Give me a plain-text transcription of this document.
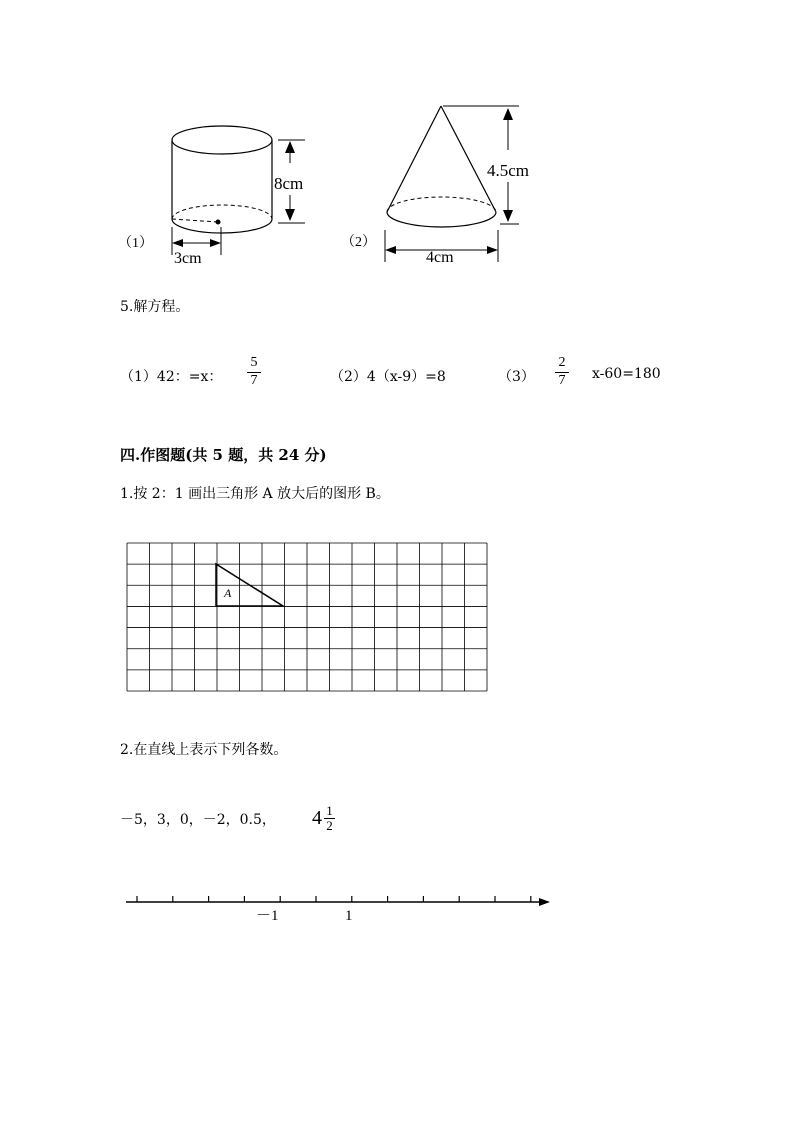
8cm
3cm
（1）
4.5cm
4cm
（2）
5.解方程。
（1）42：=x：
5
7	（2）4（x-9）=8	（3）
2
7 x-60=180
四.作图题(共 5 题，共 24 分)
1.按 2：1 画出三角形 A 放大后的图形 B。
A
2.在直线上表示下列各数。
－5，3，0，－2，0.5， 4 1
2
－1	1
